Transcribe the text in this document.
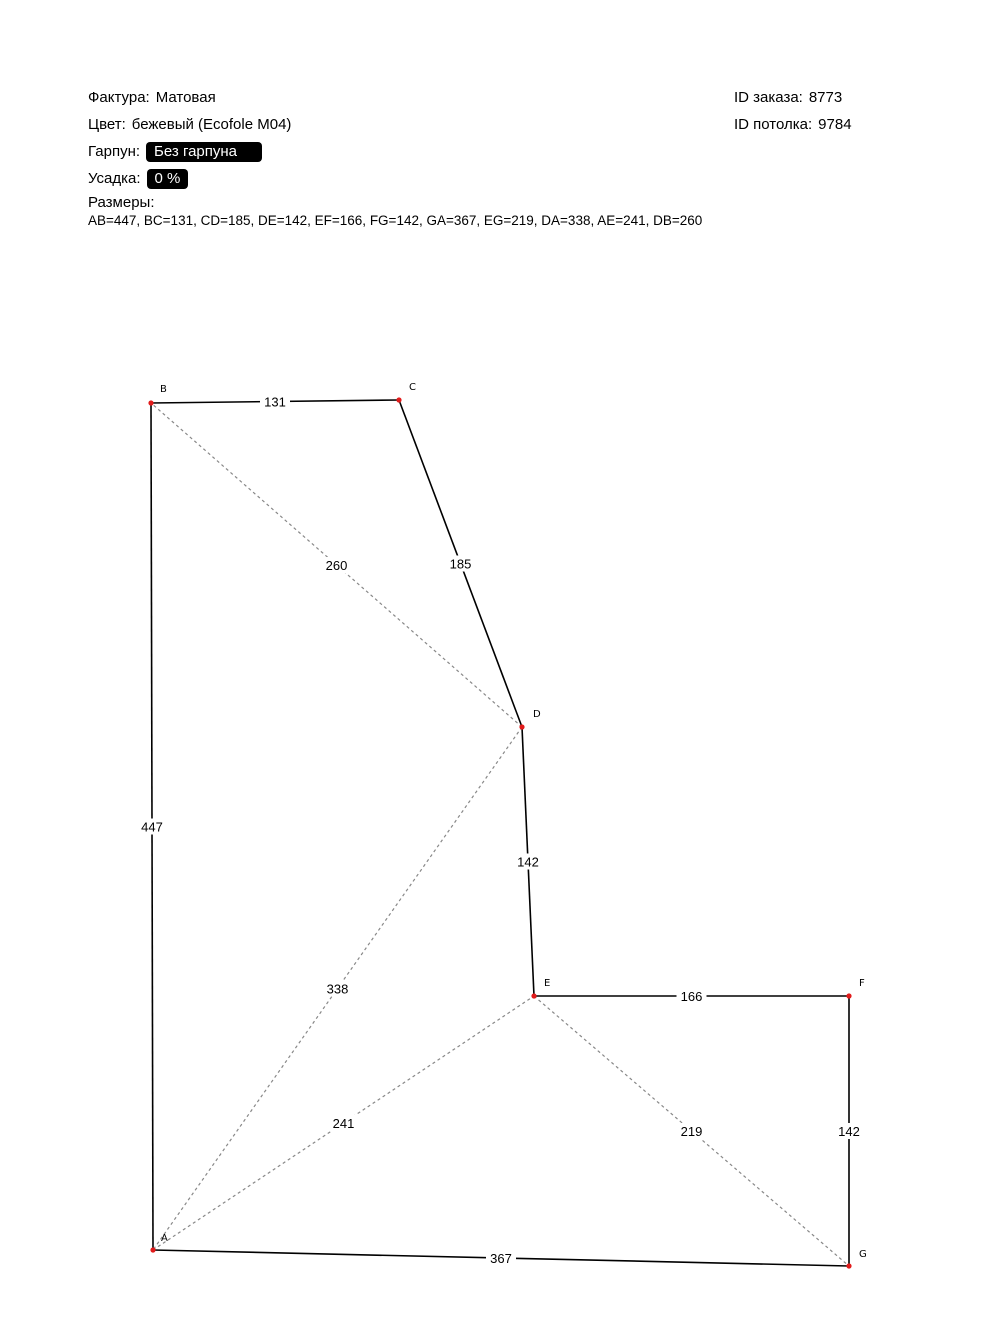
Фактура: Матовая
Цвет: бежевый (Ecofole M04)
Гарпун: Без гарпуна
Усадка: 0 %
Размеры:
AB=447, BC=131, CD=185, DE=142, EF=166, FG=142, GA=367, EG=219, DA=338, AE=241, DB=260
ID заказа: 8773
ID потолка: 9784
260
338
241
219
447
131
185
142
166
142
367
A
B	C
D
E	F
G
